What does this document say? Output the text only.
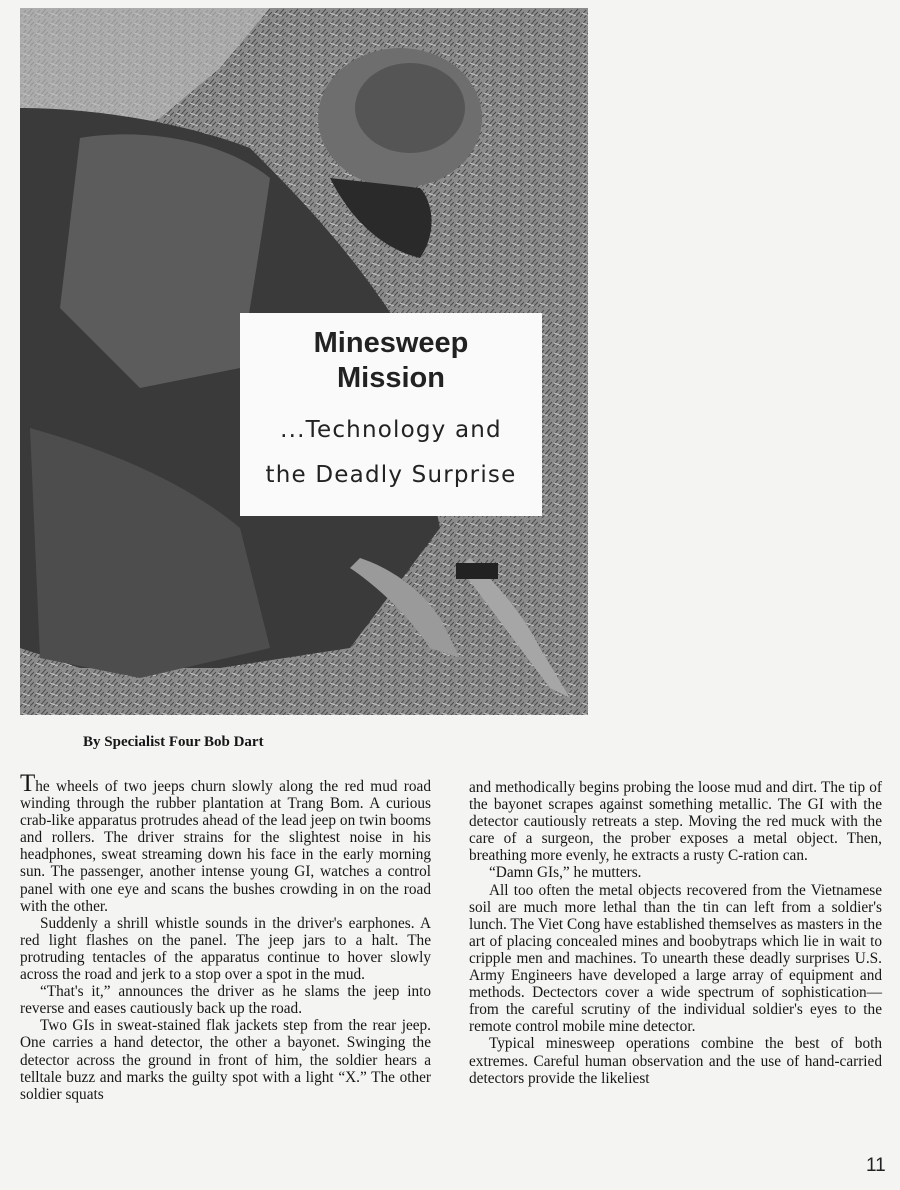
Minesweep
Mission
...Technology and
the Deadly Surprise
By Specialist Four Bob Dart

The wheels of two jeeps churn slowly along the red mud road winding through the rubber plantation at Trang Bom. A curious crab-like apparatus protrudes ahead of the lead jeep on twin booms and rollers. The driver strains for the slightest noise in his headphones, sweat streaming down his face in the early morning sun. The passenger, another intense young GI, watches a control panel with one eye and scans the bushes crowding in on the road with the other.

Suddenly a shrill whistle sounds in the driver's earphones. A red light flashes on the panel. The jeep jars to a halt. The protruding tentacles of the apparatus continue to hover slowly across the road and jerk to a stop over a spot in the mud.

“That's it,” announces the driver as he slams the jeep into reverse and eases cautiously back up the road.

Two GIs in sweat-stained flak jackets step from the rear jeep. One carries a hand detector, the other a bayonet. Swinging the detector across the ground in front of him, the soldier hears a telltale buzz and marks the guilty spot with a light “X.” The other soldier squats

and methodically begins probing the loose mud and dirt. The tip of the bayonet scrapes against something metallic. The GI with the detector cautiously retreats a step. Moving the red muck with the care of a surgeon, the prober exposes a metal object. Then, breathing more evenly, he extracts a rusty C-ration can.

“Damn GIs,” he mutters.

All too often the metal objects recovered from the Vietnamese soil are much more lethal than the tin can left from a soldier's lunch. The Viet Cong have established themselves as masters in the art of placing concealed mines and boobytraps which lie in wait to cripple men and machines. To unearth these deadly surprises U.S. Army Engineers have developed a large array of equipment and methods. Dectectors cover a wide spectrum of sophistication—from the careful scrutiny of the individual soldier's eyes to the remote control mobile mine detector.

Typical minesweep operations combine the best of both extremes. Careful human observation and the use of hand-carried detectors provide the likeliest

11
